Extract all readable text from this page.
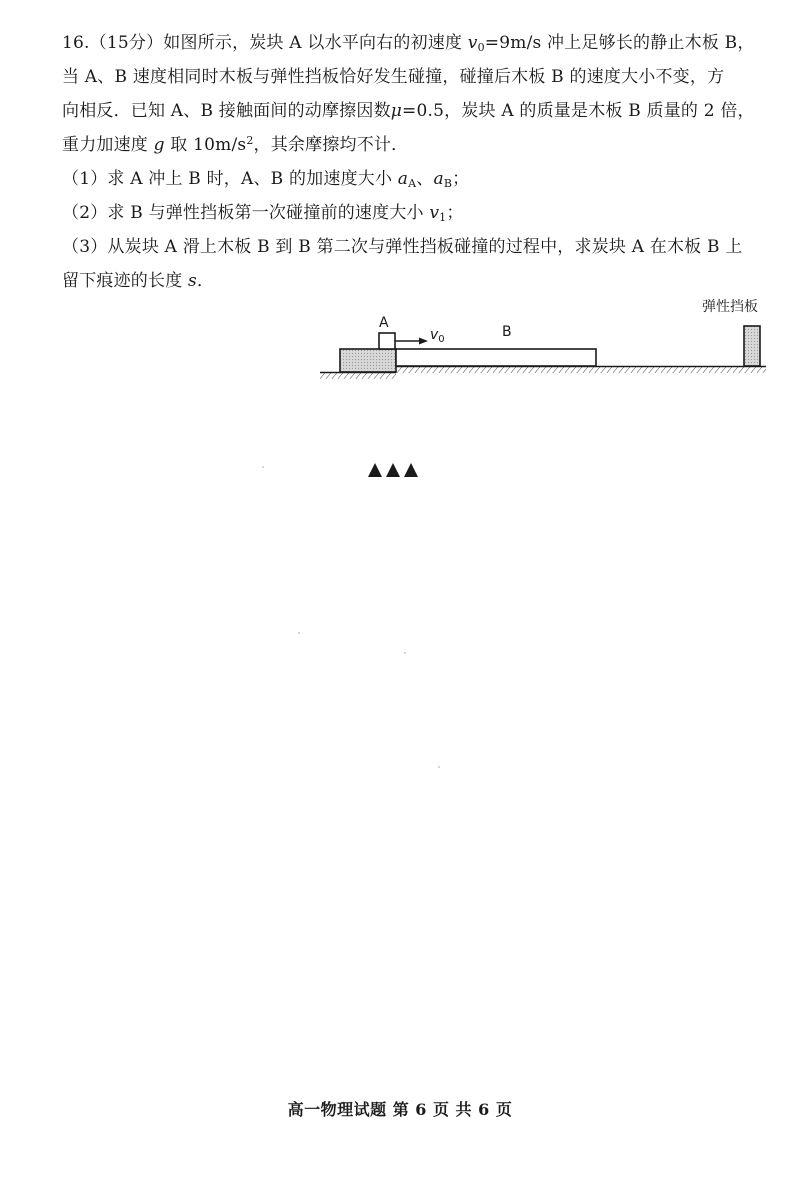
16.（15分）如图所示，炭块 A 以水平向右的初速度 $v_0=9m/s$ 冲上足够长的静止木板 B，
当 A、B 速度相同时木板与弹性挡板恰好发生碰撞，碰撞后木板 B 的速度大小不变，方
向相反．已知 A、B 接触面间的动摩擦因数μ=0.5，炭块 A 的质量是木板 B 质量的 2 倍，
重力加速度 g 取 $10m/s^2$，其余摩擦均不计．
（1）求 A 冲上 B 时，A、B 的加速度大小 $a_A$、$a_B$；
（2）求 B 与弹性挡板第一次碰撞前的速度大小 $v_1$；
（3）从炭块 A 滑上木板 B 到 B 第二次与弹性挡板碰撞的过程中，求炭块 A 在木板 B 上
留下痕迹的长度 s．
A
$v_0$	B
弹性挡板
高一物理试题 第 6 页 共 6 页
